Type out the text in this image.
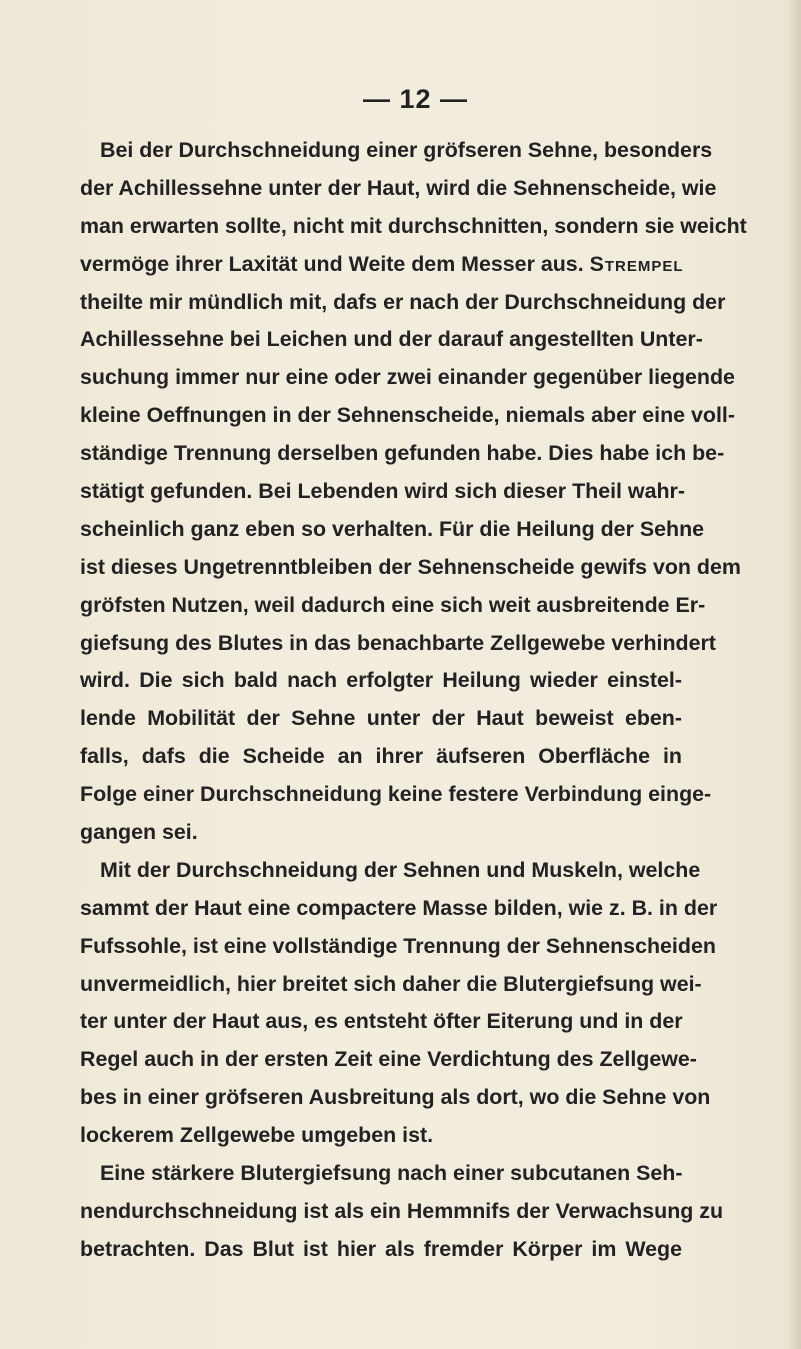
— 12 —
Bei der Durchschneidung einer gröfseren Sehne, besonders
der Achillessehne unter der Haut, wird die Sehnenscheide, wie
man erwarten sollte, nicht mit durchschnitten, sondern sie weicht
vermöge ihrer Laxität und Weite dem Messer aus. Strempel
theilte mir mündlich mit, dafs er nach der Durchschneidung der
Achillessehne bei Leichen und der darauf angestellten Unter-
suchung immer nur eine oder zwei einander gegenüber liegende
kleine Oeffnungen in der Sehnenscheide, niemals aber eine voll-
ständige Trennung derselben gefunden habe. Dies habe ich be-
stätigt gefunden. Bei Lebenden wird sich dieser Theil wahr-
scheinlich ganz eben so verhalten. Für die Heilung der Sehne
ist dieses Ungetrenntbleiben der Sehnenscheide gewifs von dem
gröfsten Nutzen, weil dadurch eine sich weit ausbreitende Er-
giefsung des Blutes in das benachbarte Zellgewebe verhindert
wird. Die sich bald nach erfolgter Heilung wieder einstel-
lende Mobilität der Sehne unter der Haut beweist eben-
falls, dafs die Scheide an ihrer äufseren Oberfläche in
Folge einer Durchschneidung keine festere Verbindung einge-
gangen sei.
Mit der Durchschneidung der Sehnen und Muskeln, welche
sammt der Haut eine compactere Masse bilden, wie z. B. in der
Fufssohle, ist eine vollständige Trennung der Sehnenscheiden
unvermeidlich, hier breitet sich daher die Blutergiefsung wei-
ter unter der Haut aus, es entsteht öfter Eiterung und in der
Regel auch in der ersten Zeit eine Verdichtung des Zellgewe-
bes in einer gröfseren Ausbreitung als dort, wo die Sehne von
lockerem Zellgewebe umgeben ist.
Eine stärkere Blutergiefsung nach einer subcutanen Seh-
nendurchschneidung ist als ein Hemmnifs der Verwachsung zu
betrachten. Das Blut ist hier als fremder Körper im Wege
